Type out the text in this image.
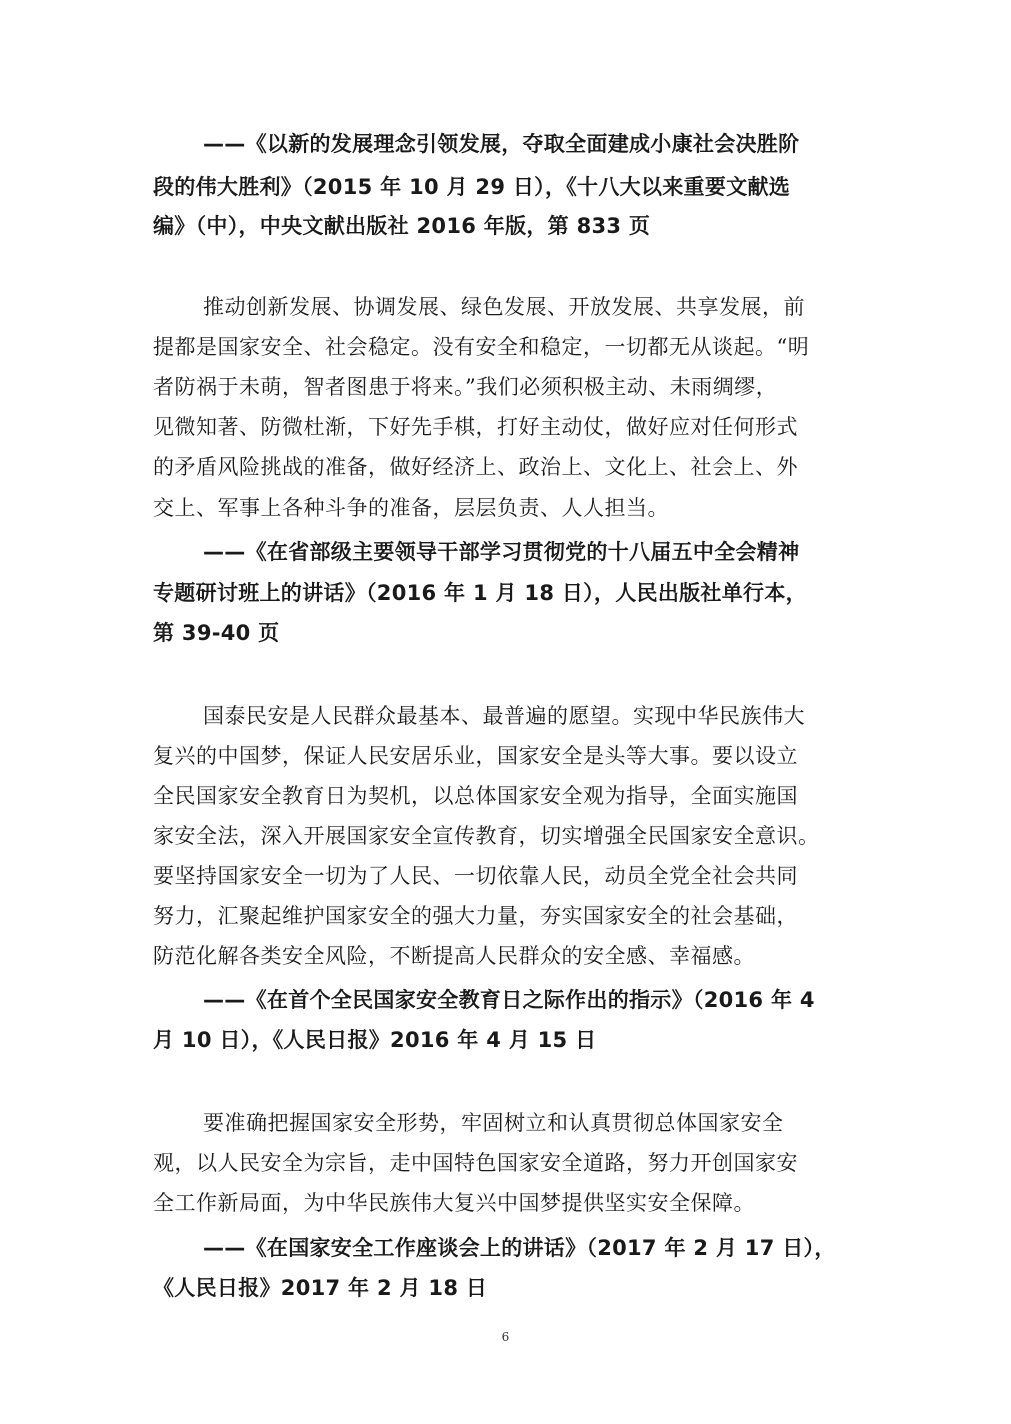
——《以新的发展理念引领发展，夺取全面建成小康社会决胜阶
段的伟大胜利》（2015 年 10 月 29 日），《十八大以来重要文献选
编》（中），中央文献出版社 2016 年版，第 833 页
推动创新发展、协调发展、绿色发展、开放发展、共享发展，前
提都是国家安全、社会稳定。没有安全和稳定，一切都无从谈起。“明
者防祸于未萌，智者图患于将来。”我们必须积极主动、未雨绸缪，
见微知著、防微杜渐，下好先手棋，打好主动仗，做好应对任何形式
的矛盾风险挑战的准备，做好经济上、政治上、文化上、社会上、外
交上、军事上各种斗争的准备，层层负责、人人担当。
——《在省部级主要领导干部学习贯彻党的十八届五中全会精神
专题研讨班上的讲话》（2016 年 1 月 18 日），人民出版社单行本，
第 39-40 页
国泰民安是人民群众最基本、最普遍的愿望。实现中华民族伟大
复兴的中国梦，保证人民安居乐业，国家安全是头等大事。要以设立
全民国家安全教育日为契机，以总体国家安全观为指导，全面实施国
家安全法，深入开展国家安全宣传教育，切实增强全民国家安全意识。
要坚持国家安全一切为了人民、一切依靠人民，动员全党全社会共同
努力，汇聚起维护国家安全的强大力量，夯实国家安全的社会基础，
防范化解各类安全风险，不断提高人民群众的安全感、幸福感。
——《在首个全民国家安全教育日之际作出的指示》（2016 年 4
月 10 日），《人民日报》2016 年 4 月 15 日
要准确把握国家安全形势，牢固树立和认真贯彻总体国家安全
观，以人民安全为宗旨，走中国特色国家安全道路，努力开创国家安
全工作新局面，为中华民族伟大复兴中国梦提供坚实安全保障。
——《在国家安全工作座谈会上的讲话》（2017 年 2 月 17 日），
《人民日报》2017 年 2 月 18 日
6
